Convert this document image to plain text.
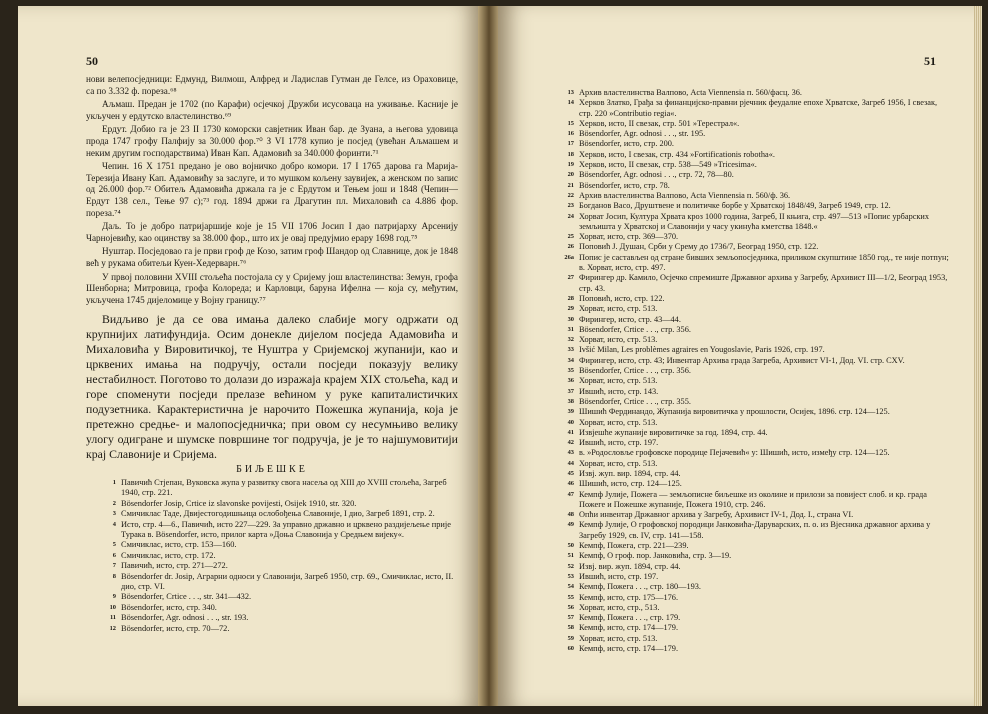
50

нови велепосједници: Едмунд, Вилмош, Алфред и Ладислав Гутман де Гелсе, из Ораховице, са по 3.332 ф. пореза.⁶⁸

Аљмаш. Предан је 1702 (по Карафи) осјечкој Дружби исусоваца на уживање. Касније је укључен у ердутско властелинство.⁶⁹

Ердут. Добио га је 23 II 1730 коморски савјетник Иван бар. де Зуана, а његова удовица прода 1747 грофу Палфију за 30.000 фор.⁷⁰ З VI 1778 купио је посјед (увећан Аљмашем и неким другим господарствима) Иван Кап. Адамовић за 340.000 форинти.⁷¹

Чепин. 16 X 1751 предано је ово војничко добро комори. 17 I 1765 дарова га Марија-Терезија Ивану Кап. Адамовићу за заслуге, и то мушком кољену заувијек, а женском по запис од 26.000 фор.⁷² Обитељ Адамовића држала га је с Ердутом и Тењем још и 1848 (Чепин—Ердут 138 сел., Тење 97 с);⁷³ год. 1894 држи га Драгутин пл. Михаловић са 4.886 фор. пореза.⁷⁴

Даљ. То је добро патријаршије које је 15 VII 1706 Јосип I дао патријарху Арсенију Чарнојевићу, као оцинству за 38.000 фор., што их је овај предујмио ерару 1698 год.⁷⁵

Нуштар. Посједовао га је први гроф де Козо, затим гроф Шандор од Славнице, док је 1848 већ у рукама обитељи Куен-Хедерварн.⁷⁶

У првој половини XVIII стољећа постојала су у Сријему још властелинства: Земун, грофа Шенборна; Митровица, грофа Колореда; и Карловци, баруна Ифелна — која су, међутим, укључена 1745 дијеломице у Војну границу.⁷⁷

Видљиво је да се ова имања далеко слабије могу одржати од крупнијих латифундија. Осим донекле дијелом посједа Адамовића и Михаловића у Вировитичкој, те Нуштра у Сријемској жупанији, као и црквених имања на подручју, остали посједи показују велику нестабилност. Поготово то долази до изражаја крајем XIX стољећа, кад и горе споменути посједи прелазе већином у руке капиталистичких подузетника. Карактеристична је нарочито Пожешка жупанија, која је претежно средње- и малопосједничка; при овом су несумњиво велику улогу одигране и шумске површине тог подручја, је је то најшумовитији крај Славоније и Сријема.

БИЉЕШКЕ

1 Павичић Стјепан, Вуковска жупа у развитку свога насеља од XIII до XVIII стољећа, Загреб 1940, стр. 221.
2 Bösendorfer Josip, Crtice iz slavonske povijesti, Osijek 1910, str. 320.
3 Смичиклас Таде, Двијестогодишњица ослобођења Славоније, I дио, Загреб 1891, стр. 2.
4 Исто, стр. 4—6., Павичић, исто 227—229. За управно државно и црквено раздијељење прије Турака в. Bösendorfer, исто, прилог карта »Доња Славонија у Средњем вијеку«.
5 Смичиклас, исто, стр. 153—160.
6 Смичиклас, исто, стр. 172.
7 Павичић, исто, стр. 271—272.
8 Bösendorfer dr. Josip, Аграрни односи у Славонији, Загреб 1950, стр. 69., Смичиклас, исто, II. дио, стр. VI.
9 Bösendorfer, Crtice . . ., str. 341—432.
10 Bösendorfer, исто, стр. 340.
11 Bösendorfer, Agr. odnosi . . ., str. 193.
12 Bösendorfer, исто, стр. 70—72.
51
13 Архив властелинства Валпово, Acta Viennensia п. 560/фасц. 36.
14 Херков Златко, Грађа за финанцијско-правни рјечник феудалне епохе Хрватске, Загреб 1956, I свезак, стр. 220 »Contributio regia«.
15 Херков, исто, II свезак, стр. 501 »Терестрал«.
16 Bösendorfer, Agr. odnosi . . ., str. 195.
17 Bösendorfer, исто, стр. 200.
18 Херков, исто, I свезак, стр. 434 »Fortificationis robotha«.
19 Херков, исто, II свезак, стр. 538—549 »Tricesima«.
20 Bösendorfer, Agr. odnosi . . ., стр. 72, 78—80.
21 Bösendorfer, исто, стр. 78.
22 Архив властелинства Валпово, Acta Viennensia п. 560/ф. 36.
23 Богданов Васо, Друштвене и политичке борбе у Хрватској 1848/49, Загреб 1949, стр. 12.
24 Хорват Јосип, Култура Хрвата кроз 1000 година, Загреб, II књига, стр. 497—513 »Попис урбарских земљишта у Хрватској и Славонији у часу укинућа кметства 1848.«
25 Хорват, исто, стр. 369—370.
26 Поповић J. Душан, Срби у Срему до 1736/7, Београд 1950, стр. 122.
26a Попис је састављен од стране бивших земљопосједника, приликом скупштине 1850 год., те није потпун; в. Хорват, исто, стр. 497.
27 Фирингер др. Камило, Осјечко спремиште Државног архива у Загребу, Архивист III—1/2, Београд 1953, стр. 43.
28 Поповић, исто, стр. 122.
29 Хорват, исто, стр. 513.
30 Фирингер, исто, стр. 43—44.
31 Bösendorfer, Crtice . . ., стр. 356.
32 Хорват, исто, стр. 513.
33 Ivšić Milan, Les problèmes agraires en Yougoslavie, Paris 1926, стр. 197.
34 Фирингер, исто, стр. 43; Инвентар Архива града Загреба, Архивист VI-1, Дод. VI. стр. CXV.
35 Bösendorfer, Crtice . . ., стр. 356.
36 Хорват, исто, стр. 513.
37 Ившић, исто, стр. 143.
38 Bösendorfer, Crtice . . ., стр. 355.
39 Шишић Фердинандо, Жупанија вировитичка у прошлости, Осијек, 1896. стр. 124—125.
40 Хорват, исто, стр. 513.
41 Извјешће жупаније вировитичке за год. 1894, стр. 44.
42 Ившић, исто, стр. 197.
43 в. »Родословље грофовске породице Пејачевић« у: Шишић, исто, између стр. 124—125.
44 Хорват, исто, стр. 513.
45 Извј. жуп. вир. 1894, стр. 44.
46 Шишић, исто, стр. 124—125.
47 Кемпф Јулије, Пожега — земљописне биљешке из околине и прилози за повијест слоб. и кр. града Пожеге и Пожешке жупаније, Пожега 1910, стр. 246.
48 Опћи инвентар Државног архива у Загребу, Архивист IV-1, Дод. I., страна VI.
49 Кемпф Јулије, О грофовској породици Јанковића-Даруварских, п. о. из Вјесника државног архива у Загребу 1929, св. IV, стр. 141—158.
50 Кемпф, Пожега, стр. 221—239.
51 Кемпф, О гроф. пор. Јанковића, стр. 3—19.
52 Извј. вир. жуп. 1894, стр. 44.
53 Ившић, исто, стр. 197.
54 Кемпф, Пожега . . ., стр. 180—193.
55 Кемпф, исто, стр. 175—176.
56 Хорват, исто, стр., 513.
57 Кемпф, Пожега . . ., стр. 179.
58 Кемпф, исто, стр. 174—179.
59 Хорват, исто, стр. 513.
60 Кемпф, исто, стр. 174—179.
